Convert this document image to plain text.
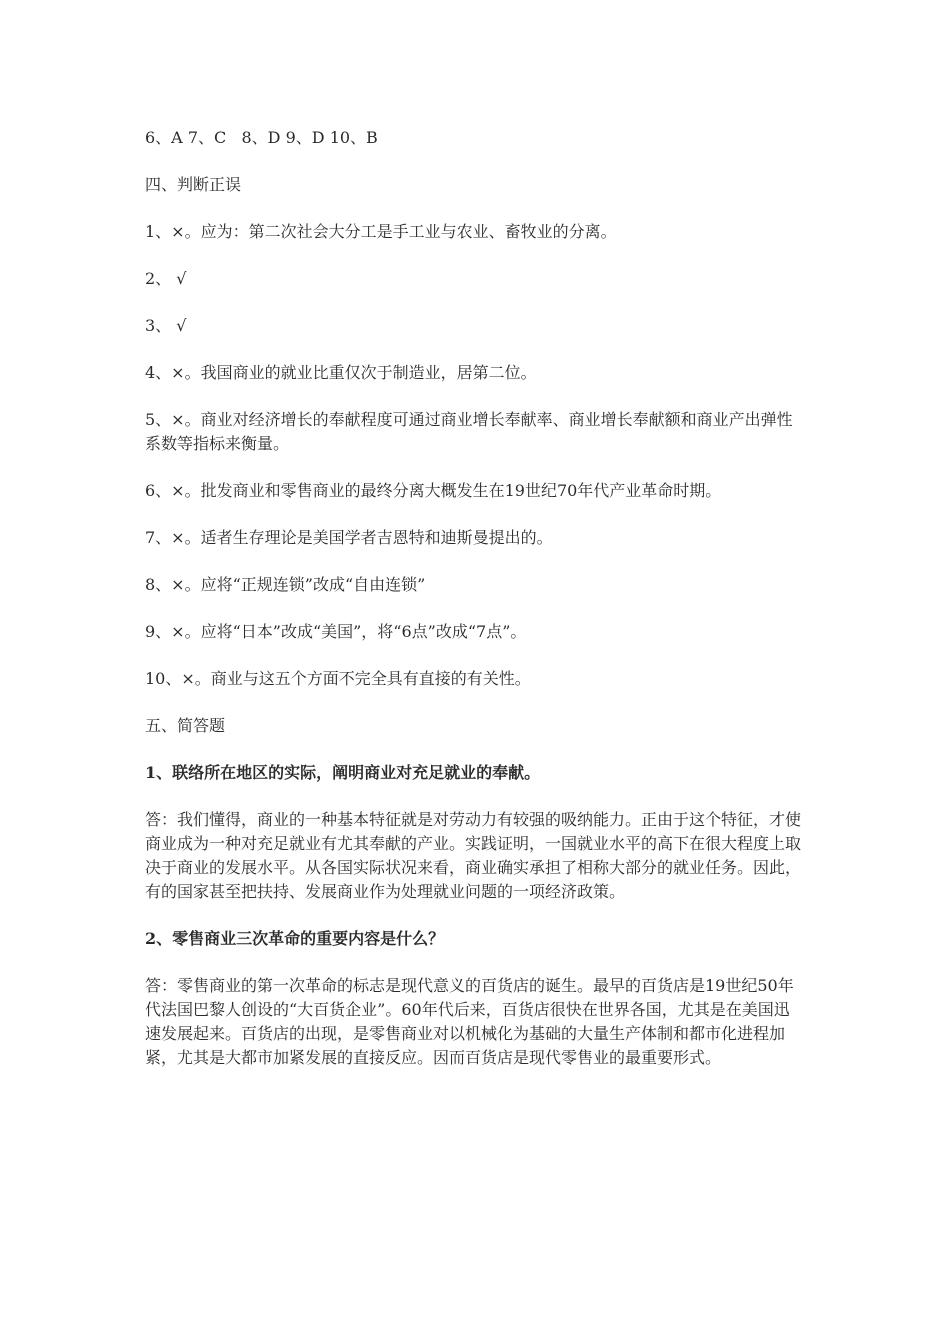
6、A 7、C   8、D 9、D 10、B

四、判断正误

1、×。应为：第二次社会大分工是手工业与农业、畜牧业的分离。

2、 √

3、 √

4、×。我国商业的就业比重仅次于制造业，居第二位。

5、×。商业对经济增长的奉献程度可通过商业增长奉献率、商业增长奉献额和商业产出弹性系数等指标来衡量。

6、×。批发商业和零售商业的最终分离大概发生在19世纪70年代产业革命时期。

7、×。适者生存理论是美国学者吉恩特和迪斯曼提出的。

8、×。应将“正规连锁”改成“自由连锁”

9、×。应将“日本”改成“美国”，将“6点”改成“7点”。

10、×。商业与这五个方面不完全具有直接的有关性。

五、简答题

1、联络所在地区的实际，阐明商业对充足就业的奉献。

答：我们懂得，商业的一种基本特征就是对劳动力有较强的吸纳能力。正由于这个特征，才使商业成为一种对充足就业有尤其奉献的产业。实践证明，一国就业水平的高下在很大程度上取决于商业的发展水平。从各国实际状况来看，商业确实承担了相称大部分的就业任务。因此，有的国家甚至把扶持、发展商业作为处理就业问题的一项经济政策。

2、零售商业三次革命的重要内容是什么？

答：零售商业的第一次革命的标志是现代意义的百货店的诞生。最早的百货店是19世纪50年代法国巴黎人创设的“大百货企业”。60年代后来，百货店很快在世界各国，尤其是在美国迅速发展起来。百货店的出现，是零售商业对以机械化为基础的大量生产体制和都市化进程加紧，尤其是大都市加紧发展的直接反应。因而百货店是现代零售业的最重要形式。
